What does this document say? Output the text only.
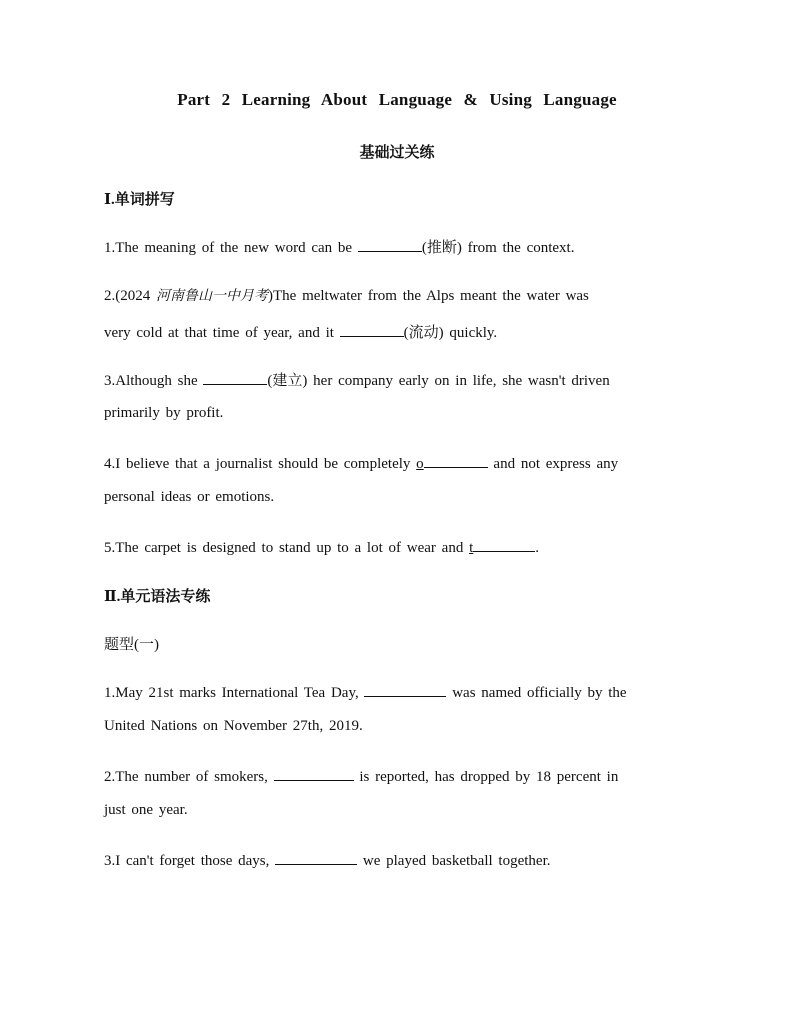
Part 2 Learning About Language & Using Language
基础过关练
Ⅰ.单词拼写
1.The meaning of the new word can be	(推断) from the context.
2.(2024 河南鲁山一中月考)The meltwater from the Alps meant the water was
very cold at that time of year, and it	(流动) quickly.
3.Although she	(建立) her company early on in life, she wasn't driven
primarily by profit.
4.I believe that a journalist should be completely o	and not express any
personal ideas or emotions.
5.The carpet is designed to stand up to a lot of wear and t	.
Ⅱ.单元语法专练
题型(一)
1.May 21st marks International Tea Day,	was named officially by the
United Nations on November 27th, 2019.
2.The number of smokers,	is reported, has dropped by 18 percent in
just one year.
3.I can't forget those days,	we played basketball together.
